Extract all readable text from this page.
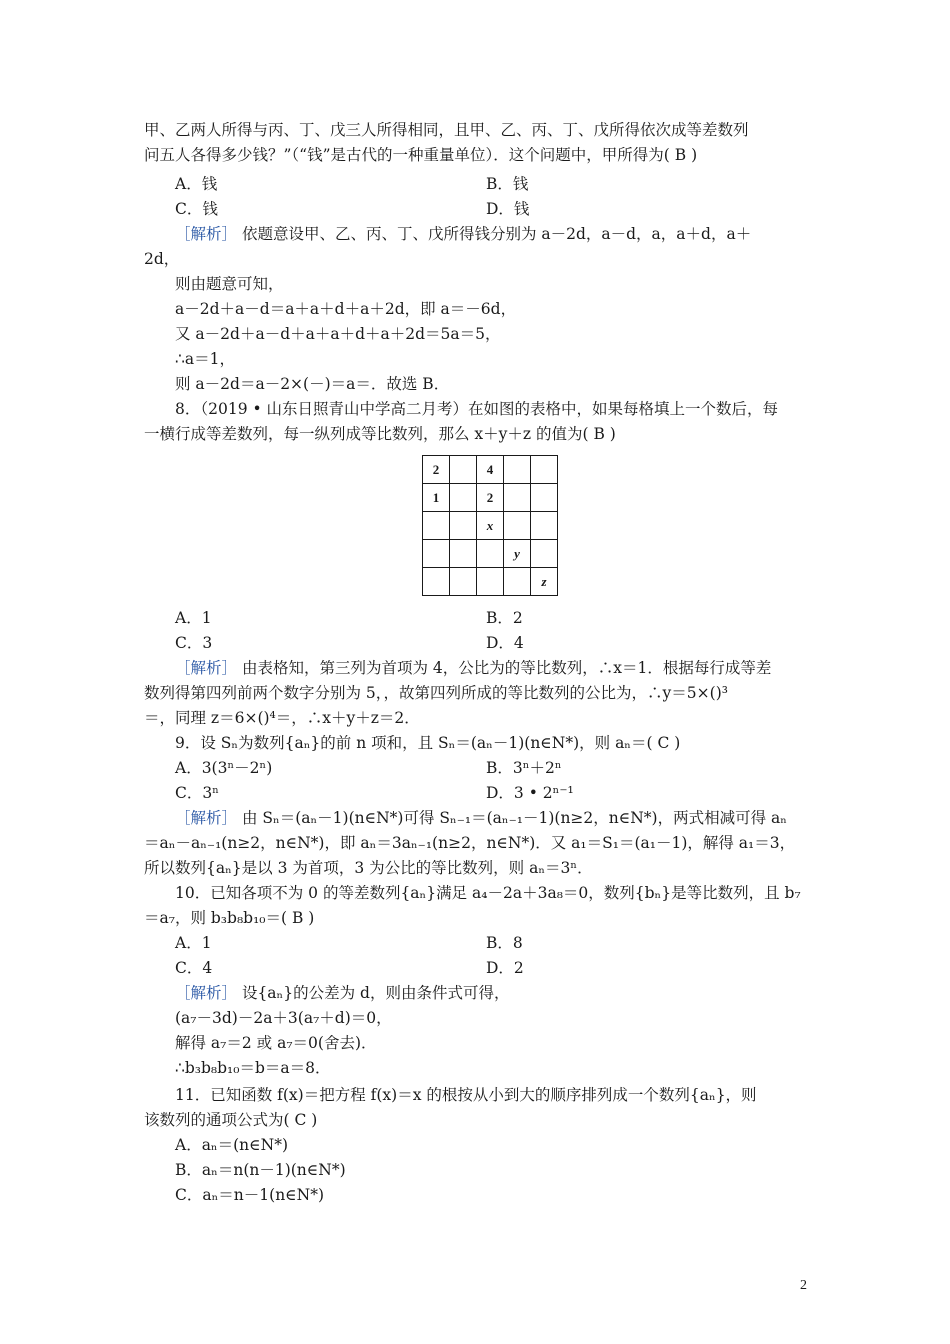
甲、乙两人所得与丙、丁、戊三人所得相同，且甲、乙、丙、丁、戊所得依次成等差数列
问五人各得多少钱？”（“钱”是古代的一种重量单位）．这个问题中，甲所得为( B )
A．钱	B．钱
C．钱	D．钱
［解析］ 依题意设甲、乙、丙、丁、戊所得钱分别为 a－2d，a－d，a，a＋d，a＋
2d，
则由题意可知，
a－2d＋a－d＝a＋a＋d＋a＋2d，即 a＝－6d，
又 a－2d＋a－d＋a＋a＋d＋a＋2d＝5a＝5，
∴a＝1，
则 a－2d＝a－2×(－)＝a＝．故选 B．
8．（2019 • 山东日照青山中学高二月考）在如图的表格中，如果每格填上一个数后，每
一横行成等差数列，每一纵列成等比数列，那么 x＋y＋z 的值为( B )
2		4		
1		2		
		x		
			y	
				z
A．1	B．2
C．3	D．4
［解析］ 由表格知，第三列为首项为 4，公比为的等比数列，∴x＝1．根据每行成等差
数列得第四列前两个数字分别为 5，，故第四列所成的等比数列的公比为，∴y＝5×()³
＝，同理 z＝6×()⁴＝，∴x＋y＋z＝2．
9．设 Sₙ为数列{aₙ}的前 n 项和，且 Sₙ＝(aₙ－1)(n∈N*)，则 aₙ＝( C )
A．3(3ⁿ－2ⁿ)	B．3ⁿ＋2ⁿ
C．3ⁿ	D．3 • 2ⁿ⁻¹
［解析］ 由 Sₙ＝(aₙ－1)(n∈N*)可得 Sₙ₋₁＝(aₙ₋₁－1)(n≥2，n∈N*)，两式相减可得 aₙ
＝aₙ－aₙ₋₁(n≥2，n∈N*)，即 aₙ＝3aₙ₋₁(n≥2，n∈N*)．又 a₁＝S₁＝(a₁－1)，解得 a₁＝3，
所以数列{aₙ}是以 3 为首项，3 为公比的等比数列，则 aₙ＝3ⁿ．
10．已知各项不为 0 的等差数列{aₙ}满足 a₄－2a＋3a₈＝0，数列{bₙ}是等比数列，且 b₇
＝a₇，则 b₃b₈b₁₀＝( B )
A．1	B．8
C．4	D．2
［解析］ 设{aₙ}的公差为 d，则由条件式可得，
(a₇－3d)－2a＋3(a₇＋d)＝0，
解得 a₇＝2 或 a₇＝0(舍去)．
∴b₃b₈b₁₀＝b＝a＝8．
11．已知函数 f(x)＝把方程 f(x)＝x 的根按从小到大的顺序排列成一个数列{aₙ}，则
该数列的通项公式为( C )
A．aₙ＝(n∈N*)
B．aₙ＝n(n－1)(n∈N*)
C．aₙ＝n－1(n∈N*)
2
